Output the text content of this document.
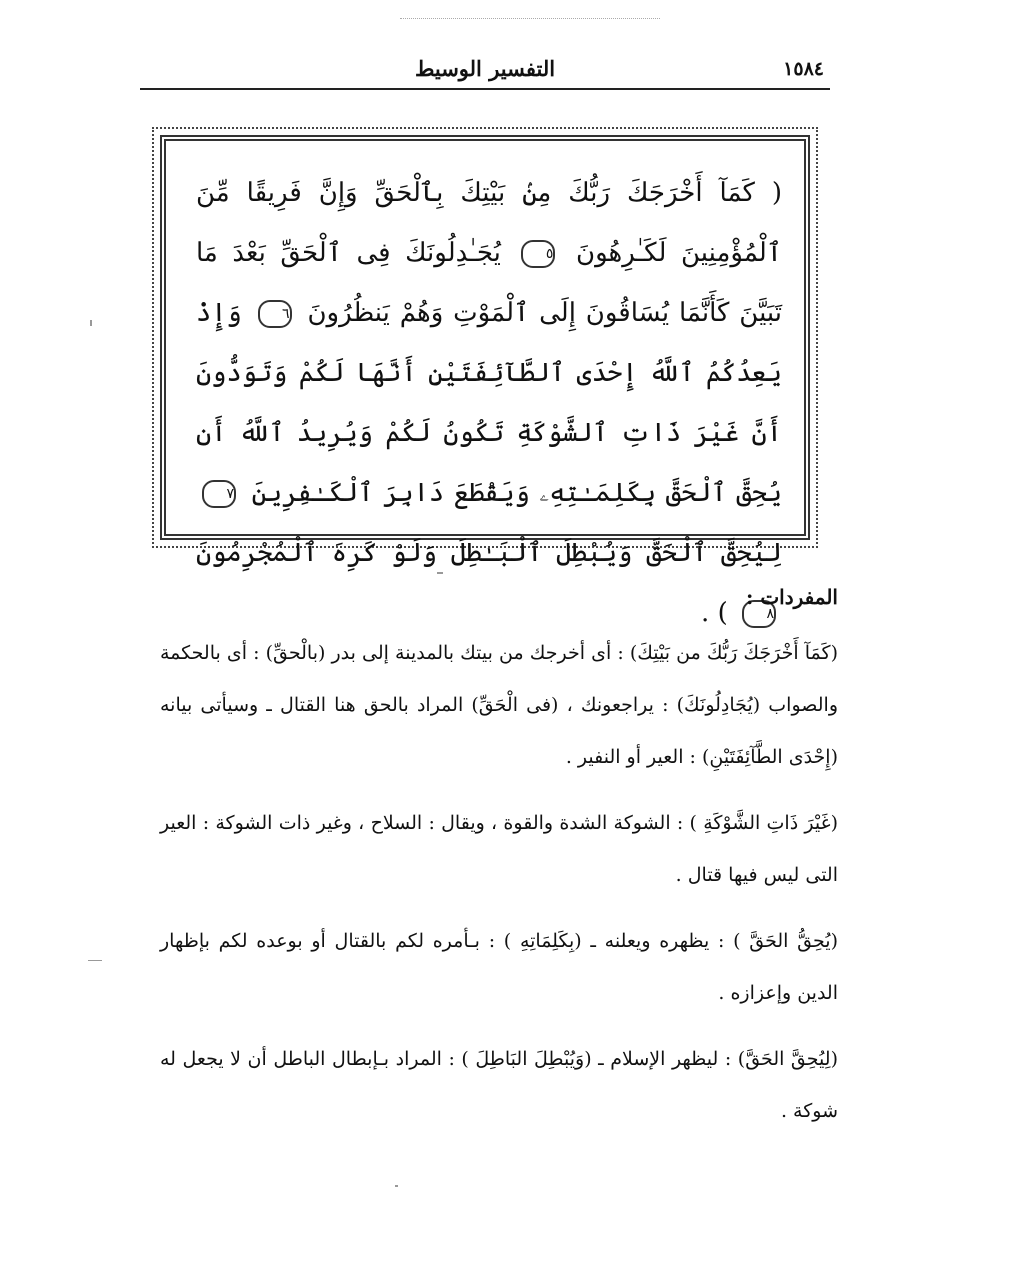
١٥٨٤
التفسير الوسيط
( كَمَآ أَخْرَجَكَ رَبُّكَ مِنۢ بَيْتِكَ بِٱلْحَقِّ وَإِنَّ فَرِيقًا مِّنَ ٱلْمُؤْمِنِينَ لَكَـٰرِهُونَ ٥ يُجَـٰدِلُونَكَ فِى ٱلْحَقِّ بَعْدَ مَا تَبَيَّنَ كَأَنَّمَا يُسَاقُونَ إِلَى ٱلْمَوْتِ وَهُمْ يَنظُرُونَ ٦ وَإِذْ يَعِدُكُمُ ٱللَّهُ إِحْدَى ٱلطَّآئِفَتَيْنِ أَنَّهَا لَكُمْ وَتَوَدُّونَ أَنَّ غَيْرَ ذَاتِ ٱلشَّوْكَةِ تَكُونُ لَكُمْ وَيُرِيدُ ٱللَّهُ أَن يُحِقَّ ٱلْحَقَّ بِكَلِمَـٰتِهِۦ وَيَقْطَعَ دَابِرَ ٱلْكَـٰفِرِينَ ٧ لِيُحِقَّ ٱلْحَقَّ وَيُبْطِلَ ٱلْبَـٰطِلَ وَلَوْ كَرِهَ ٱلْمُجْرِمُونَ ٨ ) .
المفردات :

(كَمَآ أَخْرَجَكَ رَبُّكَ من بَيْتِكَ) : أى أخرجك من بيتك بالمدينة إلى بدر (بالْحقِّ) : أى بالحكمة والصواب (يُجَادِلُونَكَ) : يراجعونك ، (فى الْحَقِّ) المراد بالحق هنا القتال ـ وسيأتى بيانه (إِحْدَى الطَّآئِفَتَيْنِ) : العير أو النفير .

(غَيْرَ ذَاتِ الشَّوْكَةِ ) : الشوكة الشدة والقوة ، ويقال : السلاح ، وغير ذات الشوكة : العير التى ليس فيها قتال .

(يُحِقُّ الحَقَّ ) : يظهره ويعلنه ـ (بِكَلِمَاتِهِ ) : بـأمره لكم بالقتال أو بوعده لكم بإظهار الدين وإعزازه .

(لِيُحِقَّ الحَقَّ) : ليظهر الإسلام ـ (وَيُبْطِلَ البَاطِلَ ) : المراد بـإبطال الباطل أن لا يجعل له شوكة .
